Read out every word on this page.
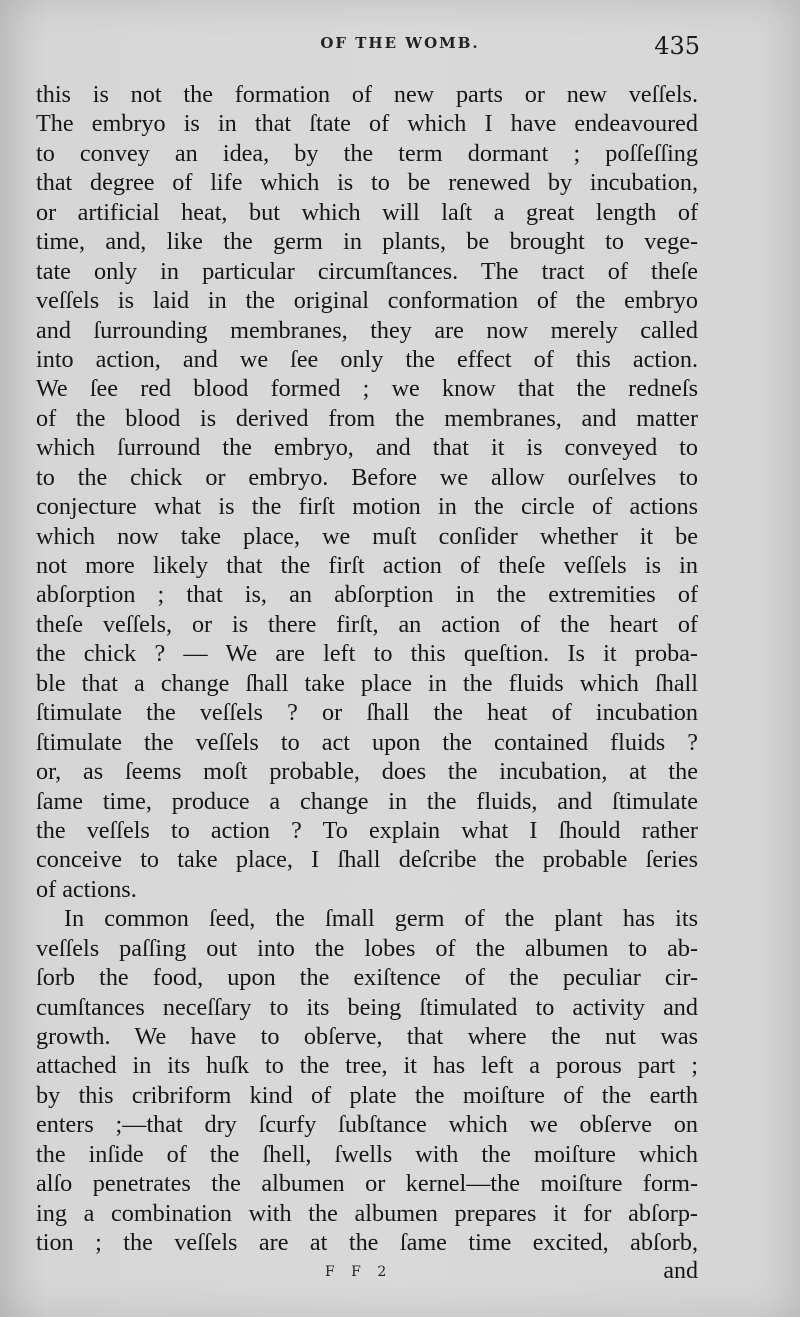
OF THE WOMB.	435
this is not the formation of new parts or new veſſels.
The embryo is in that ſtate of which I have endeavoured
to convey an idea, by the term dormant ; poſſeſſing
that degree of life which is to be renewed by incubation,
or artificial heat, but which will laſt a great length of
time, and, like the germ in plants, be brought to vege-
tate only in particular circumſtances. The tract of theſe
veſſels is laid in the original conformation of the embryo
and ſurrounding membranes, they are now merely called
into action, and we ſee only the effect of this action.
We ſee red blood formed ; we know that the redneſs
of the blood is derived from the membranes, and matter
which ſurround the embryo, and that it is conveyed to
to the chick or embryo. Before we allow ourſelves to
conjecture what is the firſt motion in the circle of actions
which now take place, we muſt conſider whether it be
not more likely that the firſt action of theſe veſſels is in
abſorption ; that is, an abſorption in the extremities of
theſe veſſels, or is there firſt, an action of the heart of
the chick ? — We are left to this queſtion. Is it proba-
ble that a change ſhall take place in the fluids which ſhall
ſtimulate the veſſels ? or ſhall the heat of incubation
ſtimulate the veſſels to act upon the contained fluids ?
or, as ſeems moſt probable, does the incubation, at the
ſame time, produce a change in the fluids, and ſtimulate
the veſſels to action ? To explain what I ſhould rather
conceive to take place, I ſhall deſcribe the probable ſeries
of actions.
In common ſeed, the ſmall germ of the plant has its
veſſels paſſing out into the lobes of the albumen to ab-
ſorb the food, upon the exiſtence of the peculiar cir-
cumſtances neceſſary to its being ſtimulated to activity and
growth. We have to obſerve, that where the nut was
attached in its huſk to the tree, it has left a porous part ;
by this cribriform kind of plate the moiſture of the earth
enters ;—that dry ſcurfy ſubſtance which we obſerve on
the inſide of the ſhell, ſwells with the moiſture which
alſo penetrates the albumen or kernel—the moiſture form-
ing a combination with the albumen prepares it for abſorp-
tion ; the veſſels are at the ſame time excited, abſorb,
F F 2	and
